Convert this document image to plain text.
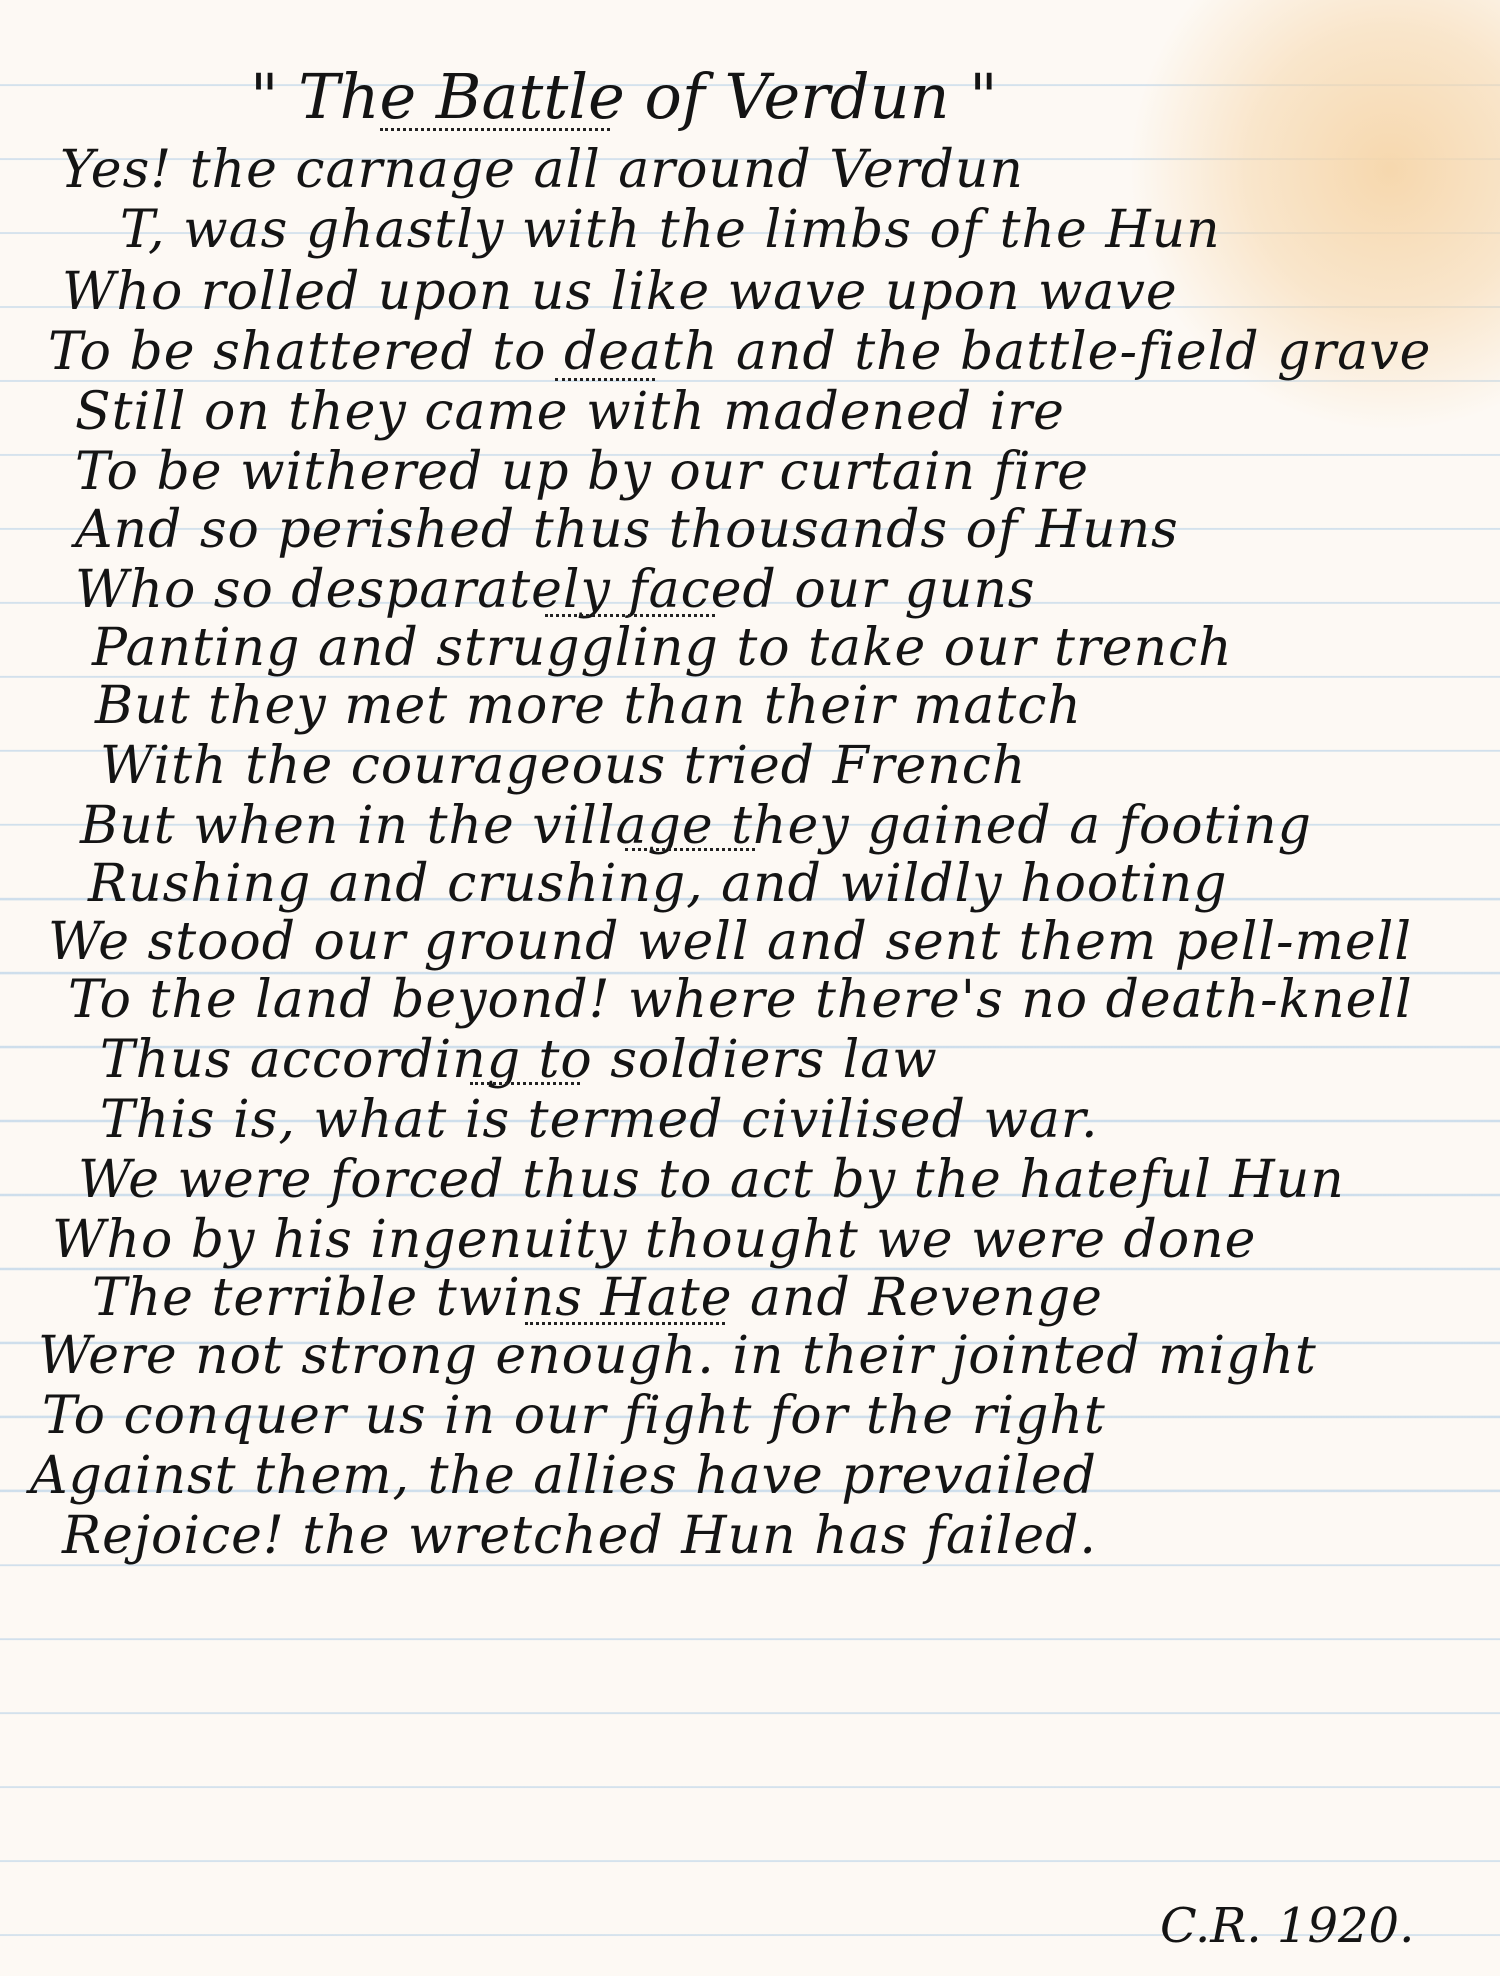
" The Battle of Verdun "
Yes! the carnage all around Verdun
T, was ghastly with the limbs of the Hun
Who rolled upon us like wave upon wave
To be shattered to death and the battle-field grave
Still on they came with madened ire
To be withered up by our curtain fire
And so perished thus thousands of Huns
Who so desparately faced our guns
Panting and struggling to take our trench
But they met more than their match
With the courageous tried French
But when in the village they gained a footing
Rushing and crushing, and wildly hooting
We stood our ground well and sent them pell-mell
To the land beyond! where there's no death-knell
Thus according to soldiers law
This is, what is termed civilised war.
We were forced thus to act by the hateful Hun
Who by his ingenuity thought we were done
The terrible twins Hate and Revenge
Were not strong enough. in their jointed might
To conquer us in our fight for the right
Against them, the allies have prevailed
Rejoice! the wretched Hun has failed.
C.R. 1920.
